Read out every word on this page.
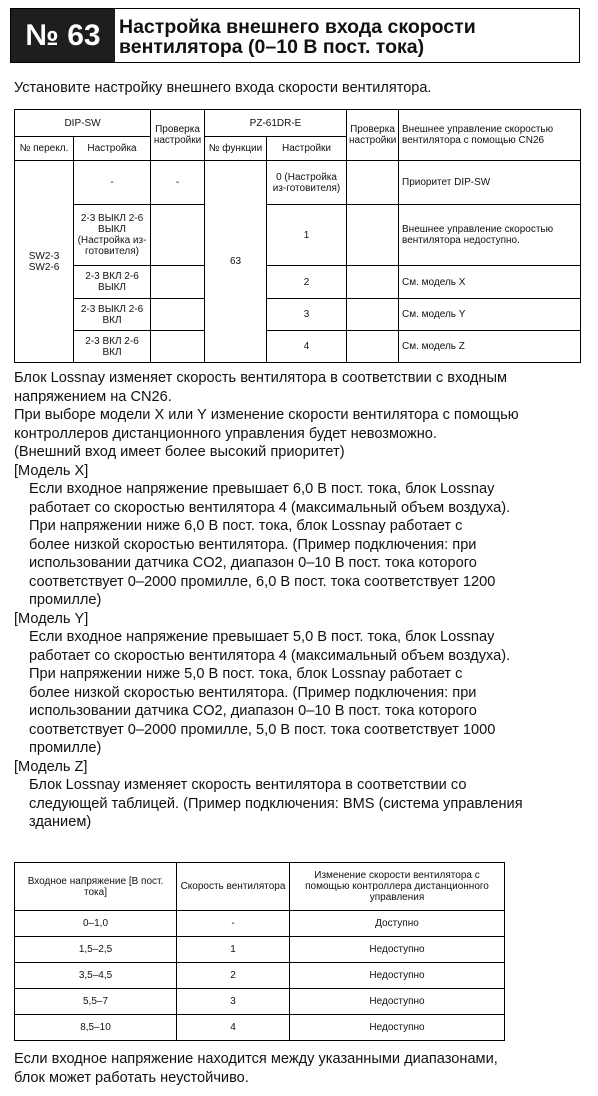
№ 63 Настройка внешнего входа скорости
вентилятора (0–10 В пост. тока)
Установите настройку внешнего входа скорости вентилятора.
DIP-SW		Проверка настройки	PZ-61DR-E		Проверка настройки	Внешнее управление скоростью вентилятора с помощью CN26
№ перекл.	Настройка		№ функции	Настройки		
SW2-3 SW2-6	-	-	63	0 (Настройка из-готовителя)		Приоритет DIP-SW
	2-3 ВЫКЛ 2-6 ВЫКЛ (Настройка из-готовителя)			1		Внешнее управление скоростью вентилятора недоступно.
	2-3 ВКЛ 2-6 ВЫКЛ			2		См. модель X
	2-3 ВЫКЛ 2-6 ВКЛ			3		См. модель Y
	2-3 ВКЛ 2-6 ВКЛ			4		См. модель Z
Блок Lossnay изменяет скорость вентилятора в соответствии с входным
напряжением на CN26.
При выборе модели X или Y изменение скорости вентилятора с помощью
контроллеров дистанционного управления будет невозможно.
(Внешний вход имеет более высокий приоритет)
[Модель X]
Если входное напряжение превышает 6,0 В пост. тока, блок Lossnay
работает со скоростью вентилятора 4 (максимальный объем воздуха).
При напряжении ниже 6,0 В пост. тока, блок Lossnay работает с
более низкой скоростью вентилятора. (Пример подключения: при
использовании датчика CO2, диапазон 0–10 В пост. тока которого
соответствует 0–2000 промилле, 6,0 В пост. тока соответствует 1200
промилле)
[Модель Y]
Если входное напряжение превышает 5,0 В пост. тока, блок Lossnay
работает со скоростью вентилятора 4 (максимальный объем воздуха).
При напряжении ниже 5,0 В пост. тока, блок Lossnay работает с
более низкой скоростью вентилятора. (Пример подключения: при
использовании датчика CO2, диапазон 0–10 В пост. тока которого
соответствует 0–2000 промилле, 5,0 В пост. тока соответствует 1000
промилле)
[Модель Z]
Блок Lossnay изменяет скорость вентилятора в соответствии со
следующей таблицей. (Пример подключения: BMS (система управления
зданием)
Входное напряжение [В пост. тока]	Скорость вентилятора	Изменение скорости вентилятора с помощью контроллера дистанционного управления
0–1,0	-	Доступно
1,5–2,5	1	Недоступно
3,5–4,5	2	Недоступно
5,5–7	3	Недоступно
8,5–10	4	Недоступно
Если входное напряжение находится между указанными диапазонами,
блок может работать неустойчиво.
